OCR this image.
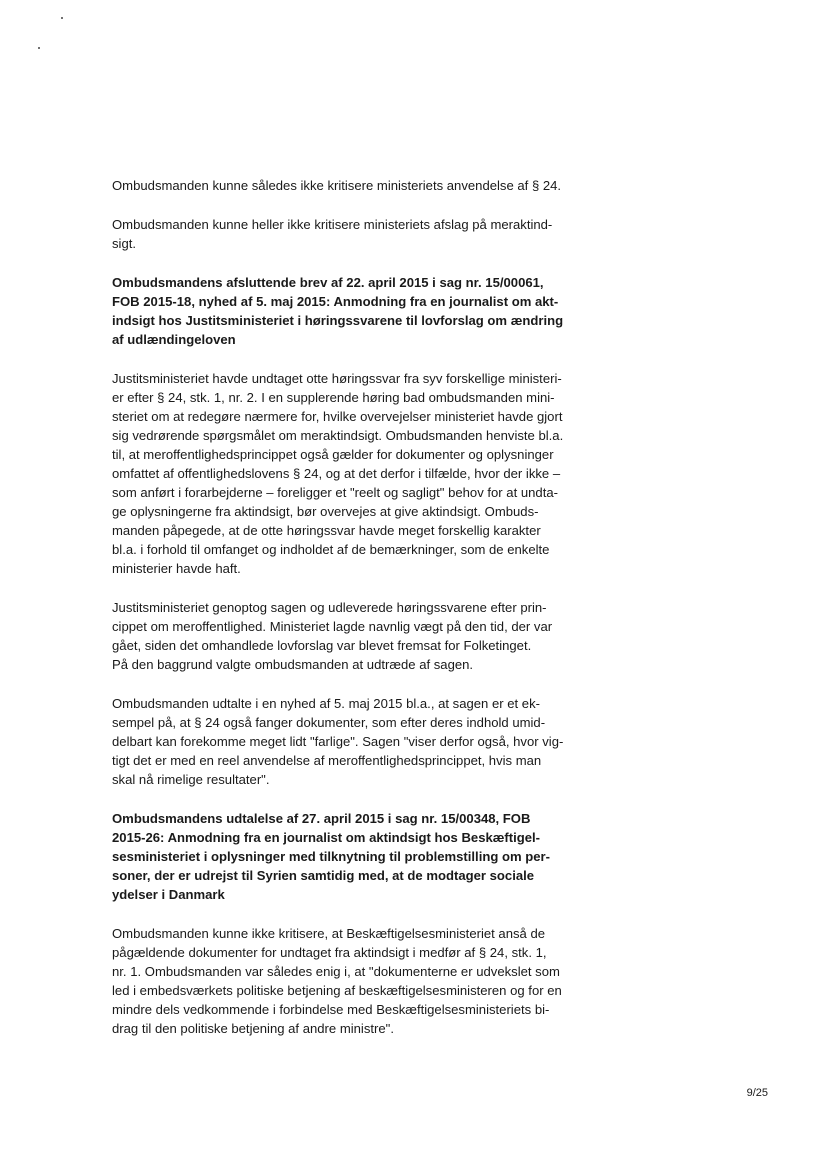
Ombudsmanden kunne således ikke kritisere ministeriets anvendelse af § 24.

Ombudsmanden kunne heller ikke kritisere ministeriets afslag på meraktind-
sigt.

Ombudsmandens afsluttende brev af 22. april 2015 i sag nr. 15/00061,
FOB 2015-18, nyhed af 5. maj 2015: Anmodning fra en journalist om akt-
indsigt hos Justitsministeriet i høringssvarene til lovforslag om ændring
af udlændingeloven

Justitsministeriet havde undtaget otte høringssvar fra syv forskellige ministeri-
er efter § 24, stk. 1, nr. 2. I en supplerende høring bad ombudsmanden mini-
steriet om at redegøre nærmere for, hvilke overvejelser ministeriet havde gjort
sig vedrørende spørgsmålet om meraktindsigt. Ombudsmanden henviste bl.a.
til, at meroffentlighedsprincippet også gælder for dokumenter og oplysninger
omfattet af offentlighedslovens § 24, og at det derfor i tilfælde, hvor der ikke –
som anført i forarbejderne – foreligger et "reelt og sagligt" behov for at undta-
ge oplysningerne fra aktindsigt, bør overvejes at give aktindsigt. Ombuds-
manden påpegede, at de otte høringssvar havde meget forskellig karakter
bl.a. i forhold til omfanget og indholdet af de bemærkninger, som de enkelte
ministerier havde haft.

Justitsministeriet genoptog sagen og udleverede høringssvarene efter prin-
cippet om meroffentlighed. Ministeriet lagde navnlig vægt på den tid, der var
gået, siden det omhandlede lovforslag var blevet fremsat for Folketinget.
På den baggrund valgte ombudsmanden at udtræde af sagen.

Ombudsmanden udtalte i en nyhed af 5. maj 2015 bl.a., at sagen er et ek-
sempel på, at § 24 også fanger dokumenter, som efter deres indhold umid-
delbart kan forekomme meget lidt "farlige". Sagen "viser derfor også, hvor vig-
tigt det er med en reel anvendelse af meroffentlighedsprincippet, hvis man
skal nå rimelige resultater".

Ombudsmandens udtalelse af 27. april 2015 i sag nr. 15/00348, FOB
2015-26: Anmodning fra en journalist om aktindsigt hos Beskæftigel-
sesministeriet i oplysninger med tilknytning til problemstilling om per-
soner, der er udrejst til Syrien samtidig med, at de modtager sociale
ydelser i Danmark

Ombudsmanden kunne ikke kritisere, at Beskæftigelsesministeriet anså de
pågældende dokumenter for undtaget fra aktindsigt i medfør af § 24, stk. 1,
nr. 1. Ombudsmanden var således enig i, at "dokumenterne er udvekslet som
led i embedsværkets politiske betjening af beskæftigelsesministeren og for en
mindre dels vedkommende i forbindelse med Beskæftigelsesministeriets bi-
drag til den politiske betjening af andre ministre".

9/25
